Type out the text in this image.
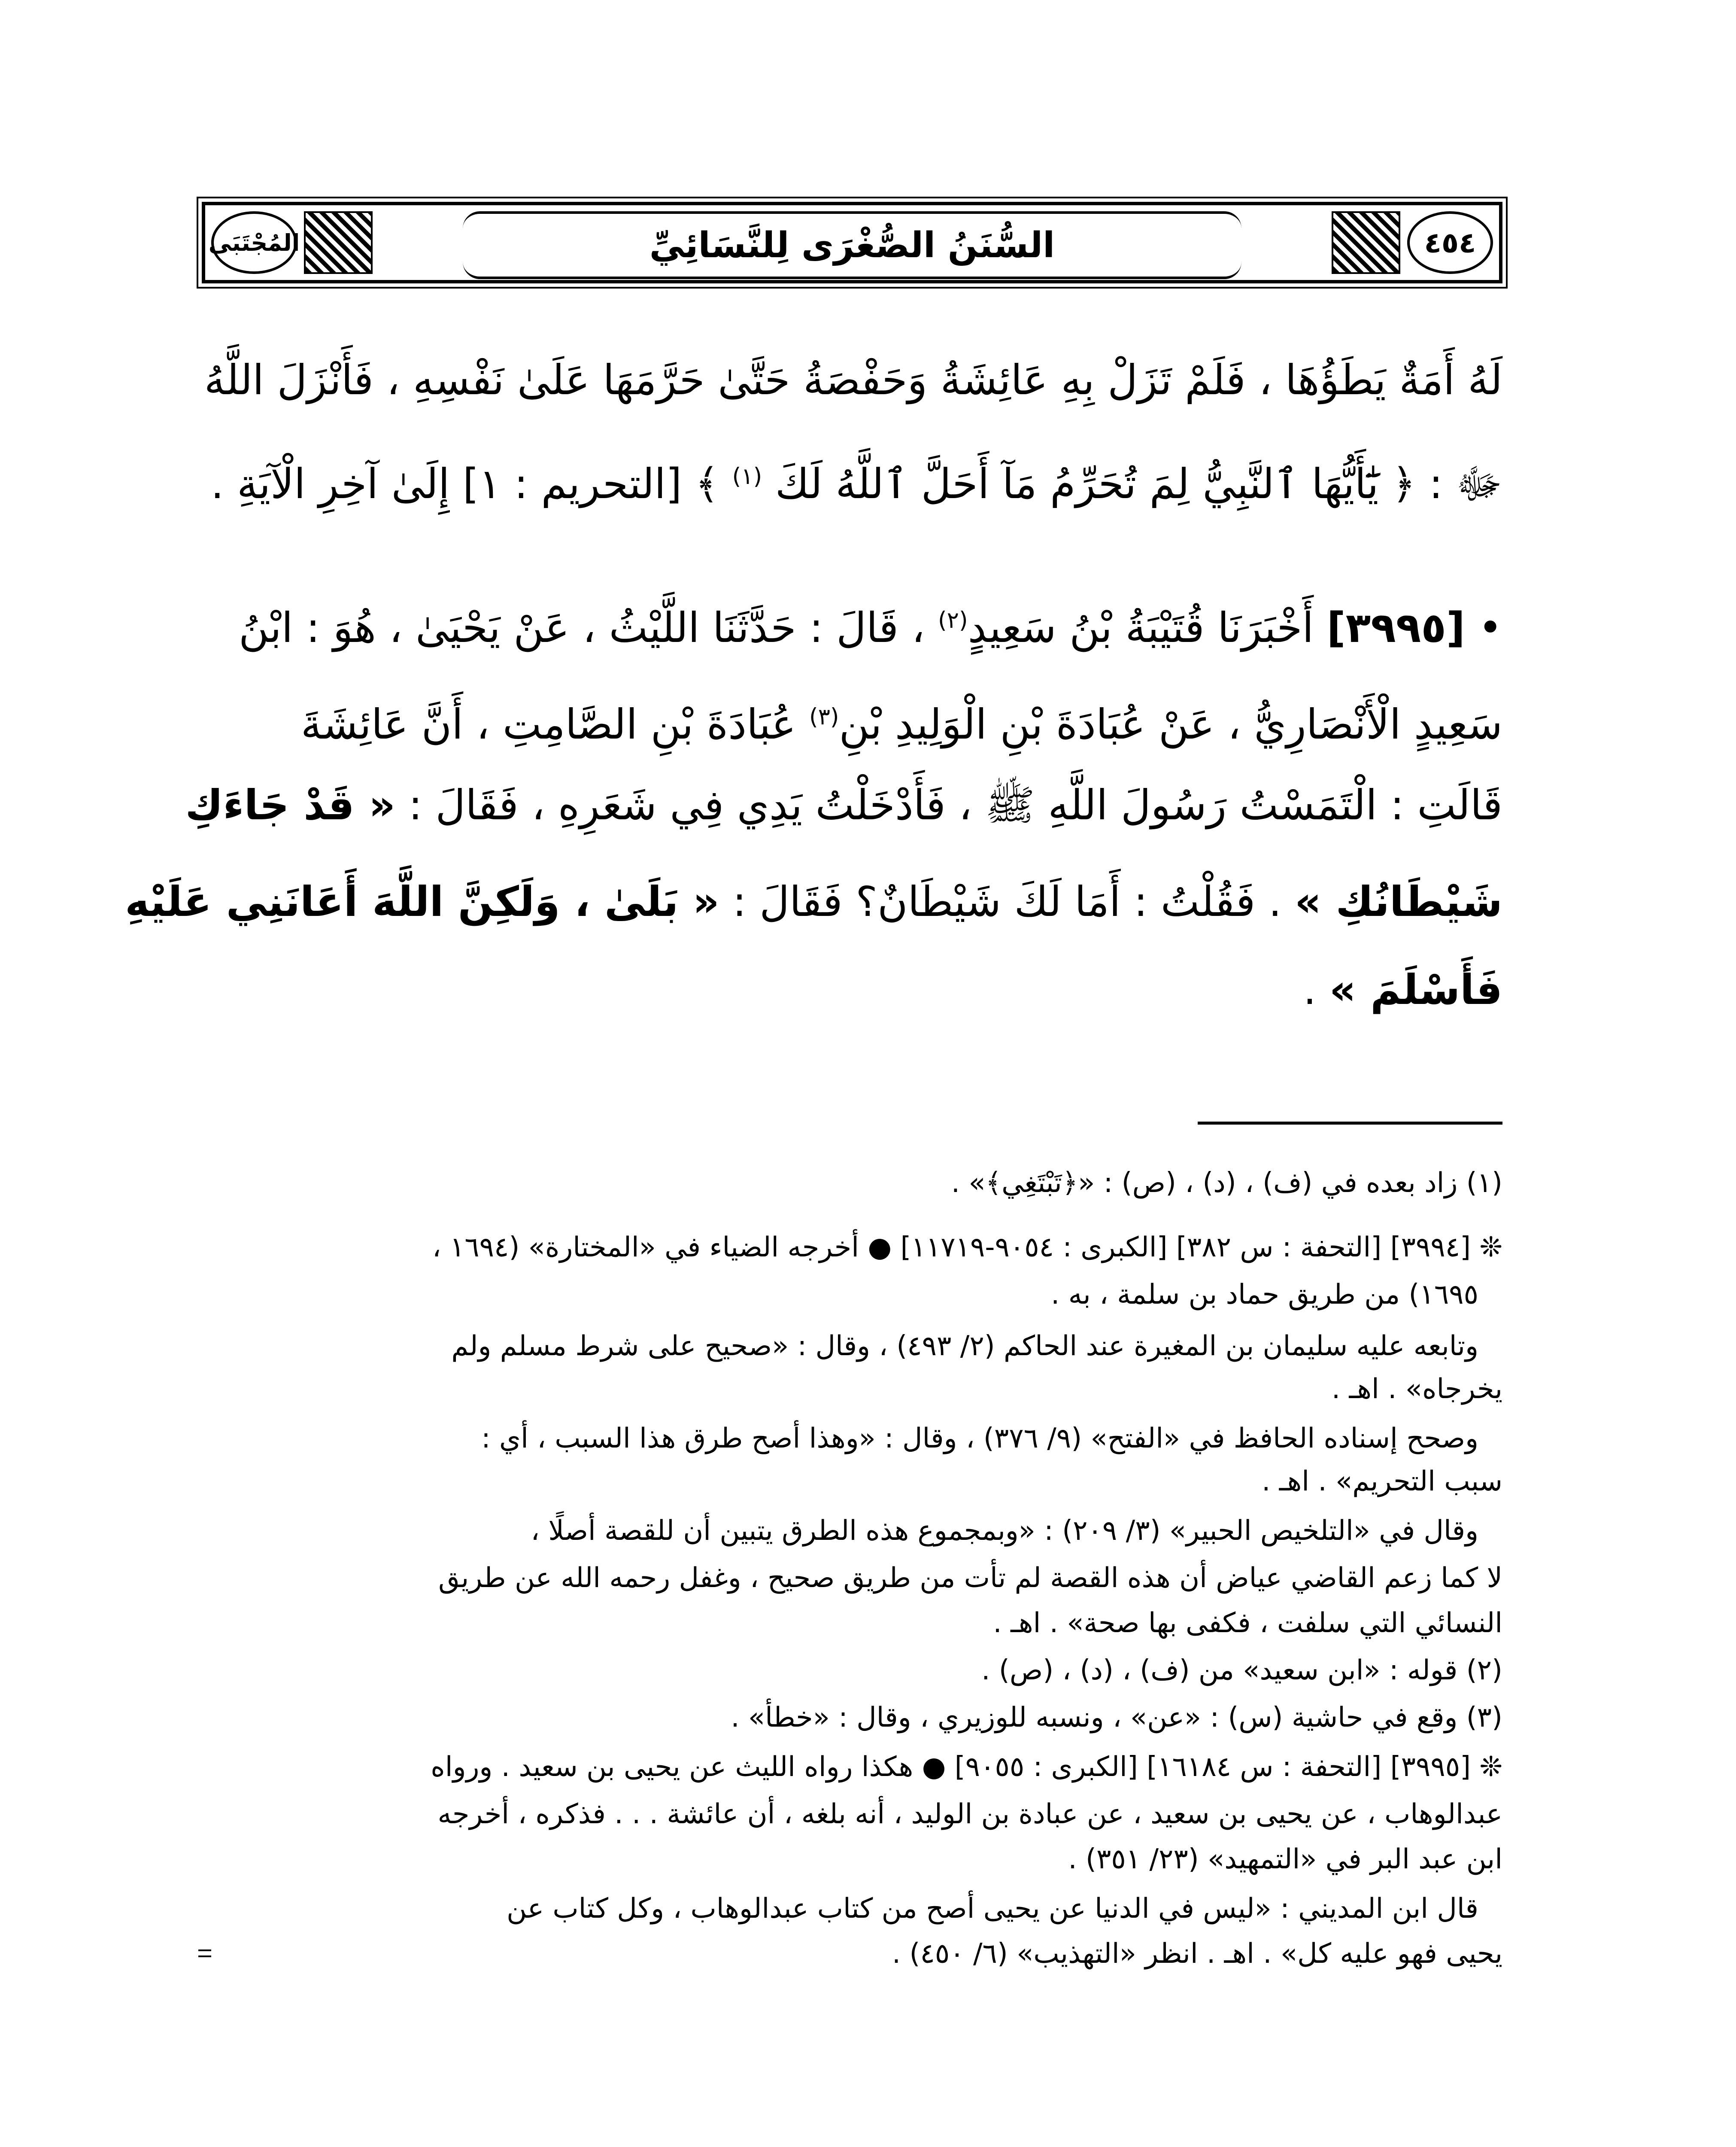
٤٥٤
السُّنَنُ الصُّغْرَى لِلنَّسَائِيِّ
المُجْتَبَى
لَهُ أَمَةٌ يَطَؤُهَا ، فَلَمْ تَزَلْ بِهِ عَائِشَةُ وَحَفْصَةُ حَتَّىٰ حَرَّمَهَا عَلَىٰ نَفْسِهِ ، فَأَنْزَلَ اللَّهُ
ﷻ : ﴿ يَٰٓأَيُّهَا ٱلنَّبِيُّ لِمَ تُحَرِّمُ مَآ أَحَلَّ ٱللَّهُ لَكَ $^{(١)}$ ﴾ [التحريم : ١] إِلَىٰ آخِرِ الْآيَةِ .
• [٣٩٩٥] أَخْبَرَنَا قُتَيْبَةُ بْنُ سَعِيدٍ$^{(٢)}$ ، قَالَ : حَدَّثَنَا اللَّيْثُ ، عَنْ يَحْيَىٰ ، هُوَ : ابْنُ
سَعِيدٍ الْأَنْصَارِيُّ ، عَنْ عُبَادَةَ بْنِ الْوَلِيدِ بْنِ$^{(٣)}$ عُبَادَةَ بْنِ الصَّامِتِ ، أَنَّ عَائِشَةَ
قَالَتِ : الْتَمَسْتُ رَسُولَ اللَّهِ ﷺ ، فَأَدْخَلْتُ يَدِي فِي شَعَرِهِ ، فَقَالَ : « قَدْ جَاءَكِ
شَيْطَانُكِ » . فَقُلْتُ : أَمَا لَكَ شَيْطَانٌ؟ فَقَالَ : « بَلَىٰ ، وَلَكِنَّ اللَّهَ أَعَانَنِي عَلَيْهِ
فَأَسْلَمَ » .
(١) زاد بعده في (ف) ، (د) ، (ص) : «﴿تَبْتَغِي﴾» .
❊ [٣٩٩٤] [التحفة : س ٣٨٢] [الكبرى : ٩٠٥٤-١١٧١٩] ● أخرجه الضياء في «المختارة» (١٦٩٤ ،
١٦٩٥) من طريق حماد بن سلمة ، به .
وتابعه عليه سليمان بن المغيرة عند الحاكم (٢/ ٤٩٣) ، وقال : «صحيح على شرط مسلم ولم
يخرجاه» . اهـ .
وصحح إسناده الحافظ في «الفتح» (٩/ ٣٧٦) ، وقال : «وهذا أصح طرق هذا السبب ، أي :
سبب التحريم» . اهـ .
وقال في «التلخيص الحبير» (٣/ ٢٠٩) : «وبمجموع هذه الطرق يتبين أن للقصة أصلًا ،
لا كما زعم القاضي عياض أن هذه القصة لم تأت من طريق صحيح ، وغفل رحمه الله عن طريق
النسائي التي سلفت ، فكفى بها صحة» . اهـ .
(٢) قوله : «ابن سعيد» من (ف) ، (د) ، (ص) .
(٣) وقع في حاشية (س) : «عن» ، ونسبه للوزيري ، وقال : «خطأ» .
❊ [٣٩٩٥] [التحفة : س ١٦١٨٤] [الكبرى : ٩٠٥٥] ● هكذا رواه الليث عن يحيى بن سعيد . ورواه
عبدالوهاب ، عن يحيى بن سعيد ، عن عبادة بن الوليد ، أنه بلغه ، أن عائشة . . . فذكره ، أخرجه
ابن عبد البر في «التمهيد» (٢٣/ ٣٥١) .
قال ابن المديني : «ليس في الدنيا عن يحيى أصح من كتاب عبدالوهاب ، وكل كتاب عن
يحيى فهو عليه كل» . اهـ . انظر «التهذيب» (٦/ ٤٥٠) .
